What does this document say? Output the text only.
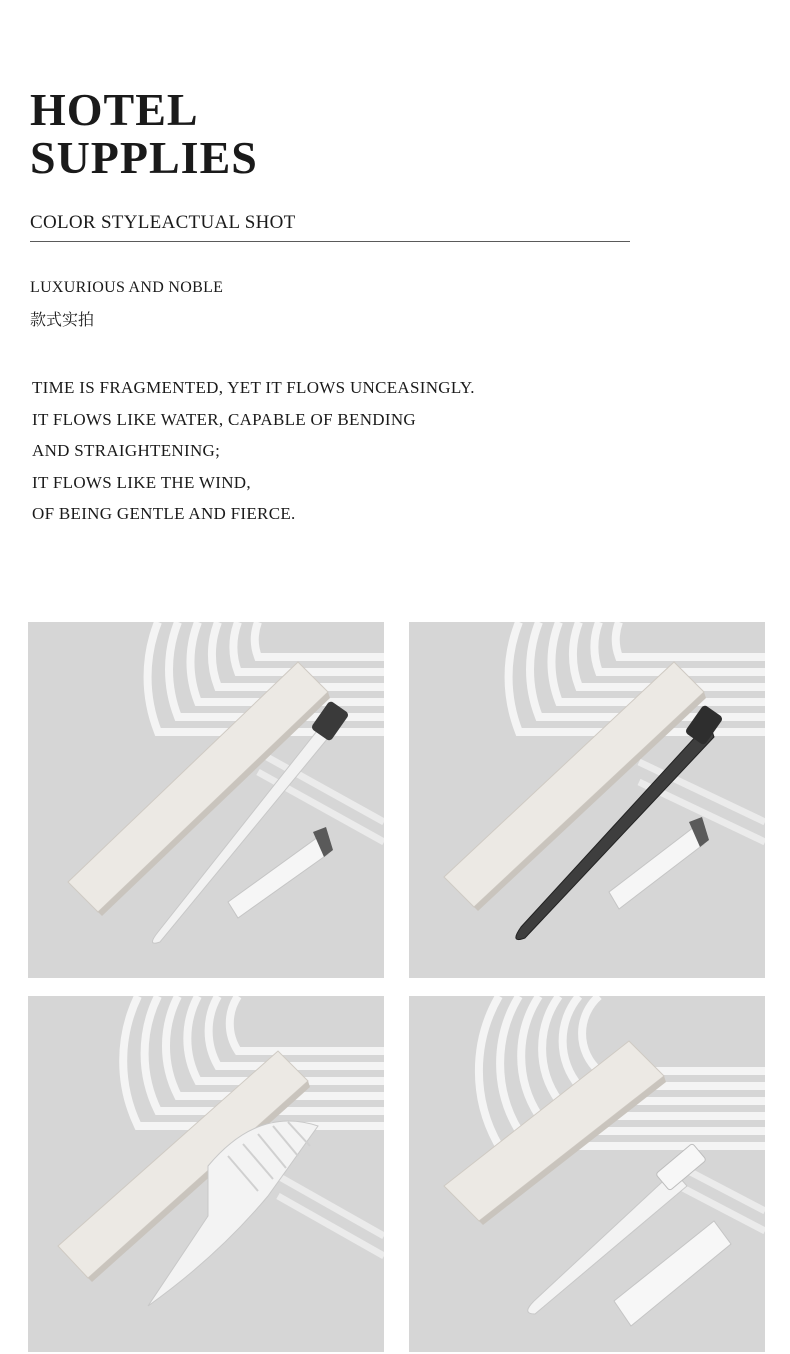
HOTEL
SUPPLIES
COLOR STYLEACTUAL SHOT
LUXURIOUS AND NOBLE
款式实拍
TIME IS FRAGMENTED, YET IT FLOWS UNCEASINGLY.
IT FLOWS LIKE WATER, CAPABLE OF BENDING
AND STRAIGHTENING;
IT FLOWS LIKE THE WIND,
OF BEING GENTLE AND FIERCE.
